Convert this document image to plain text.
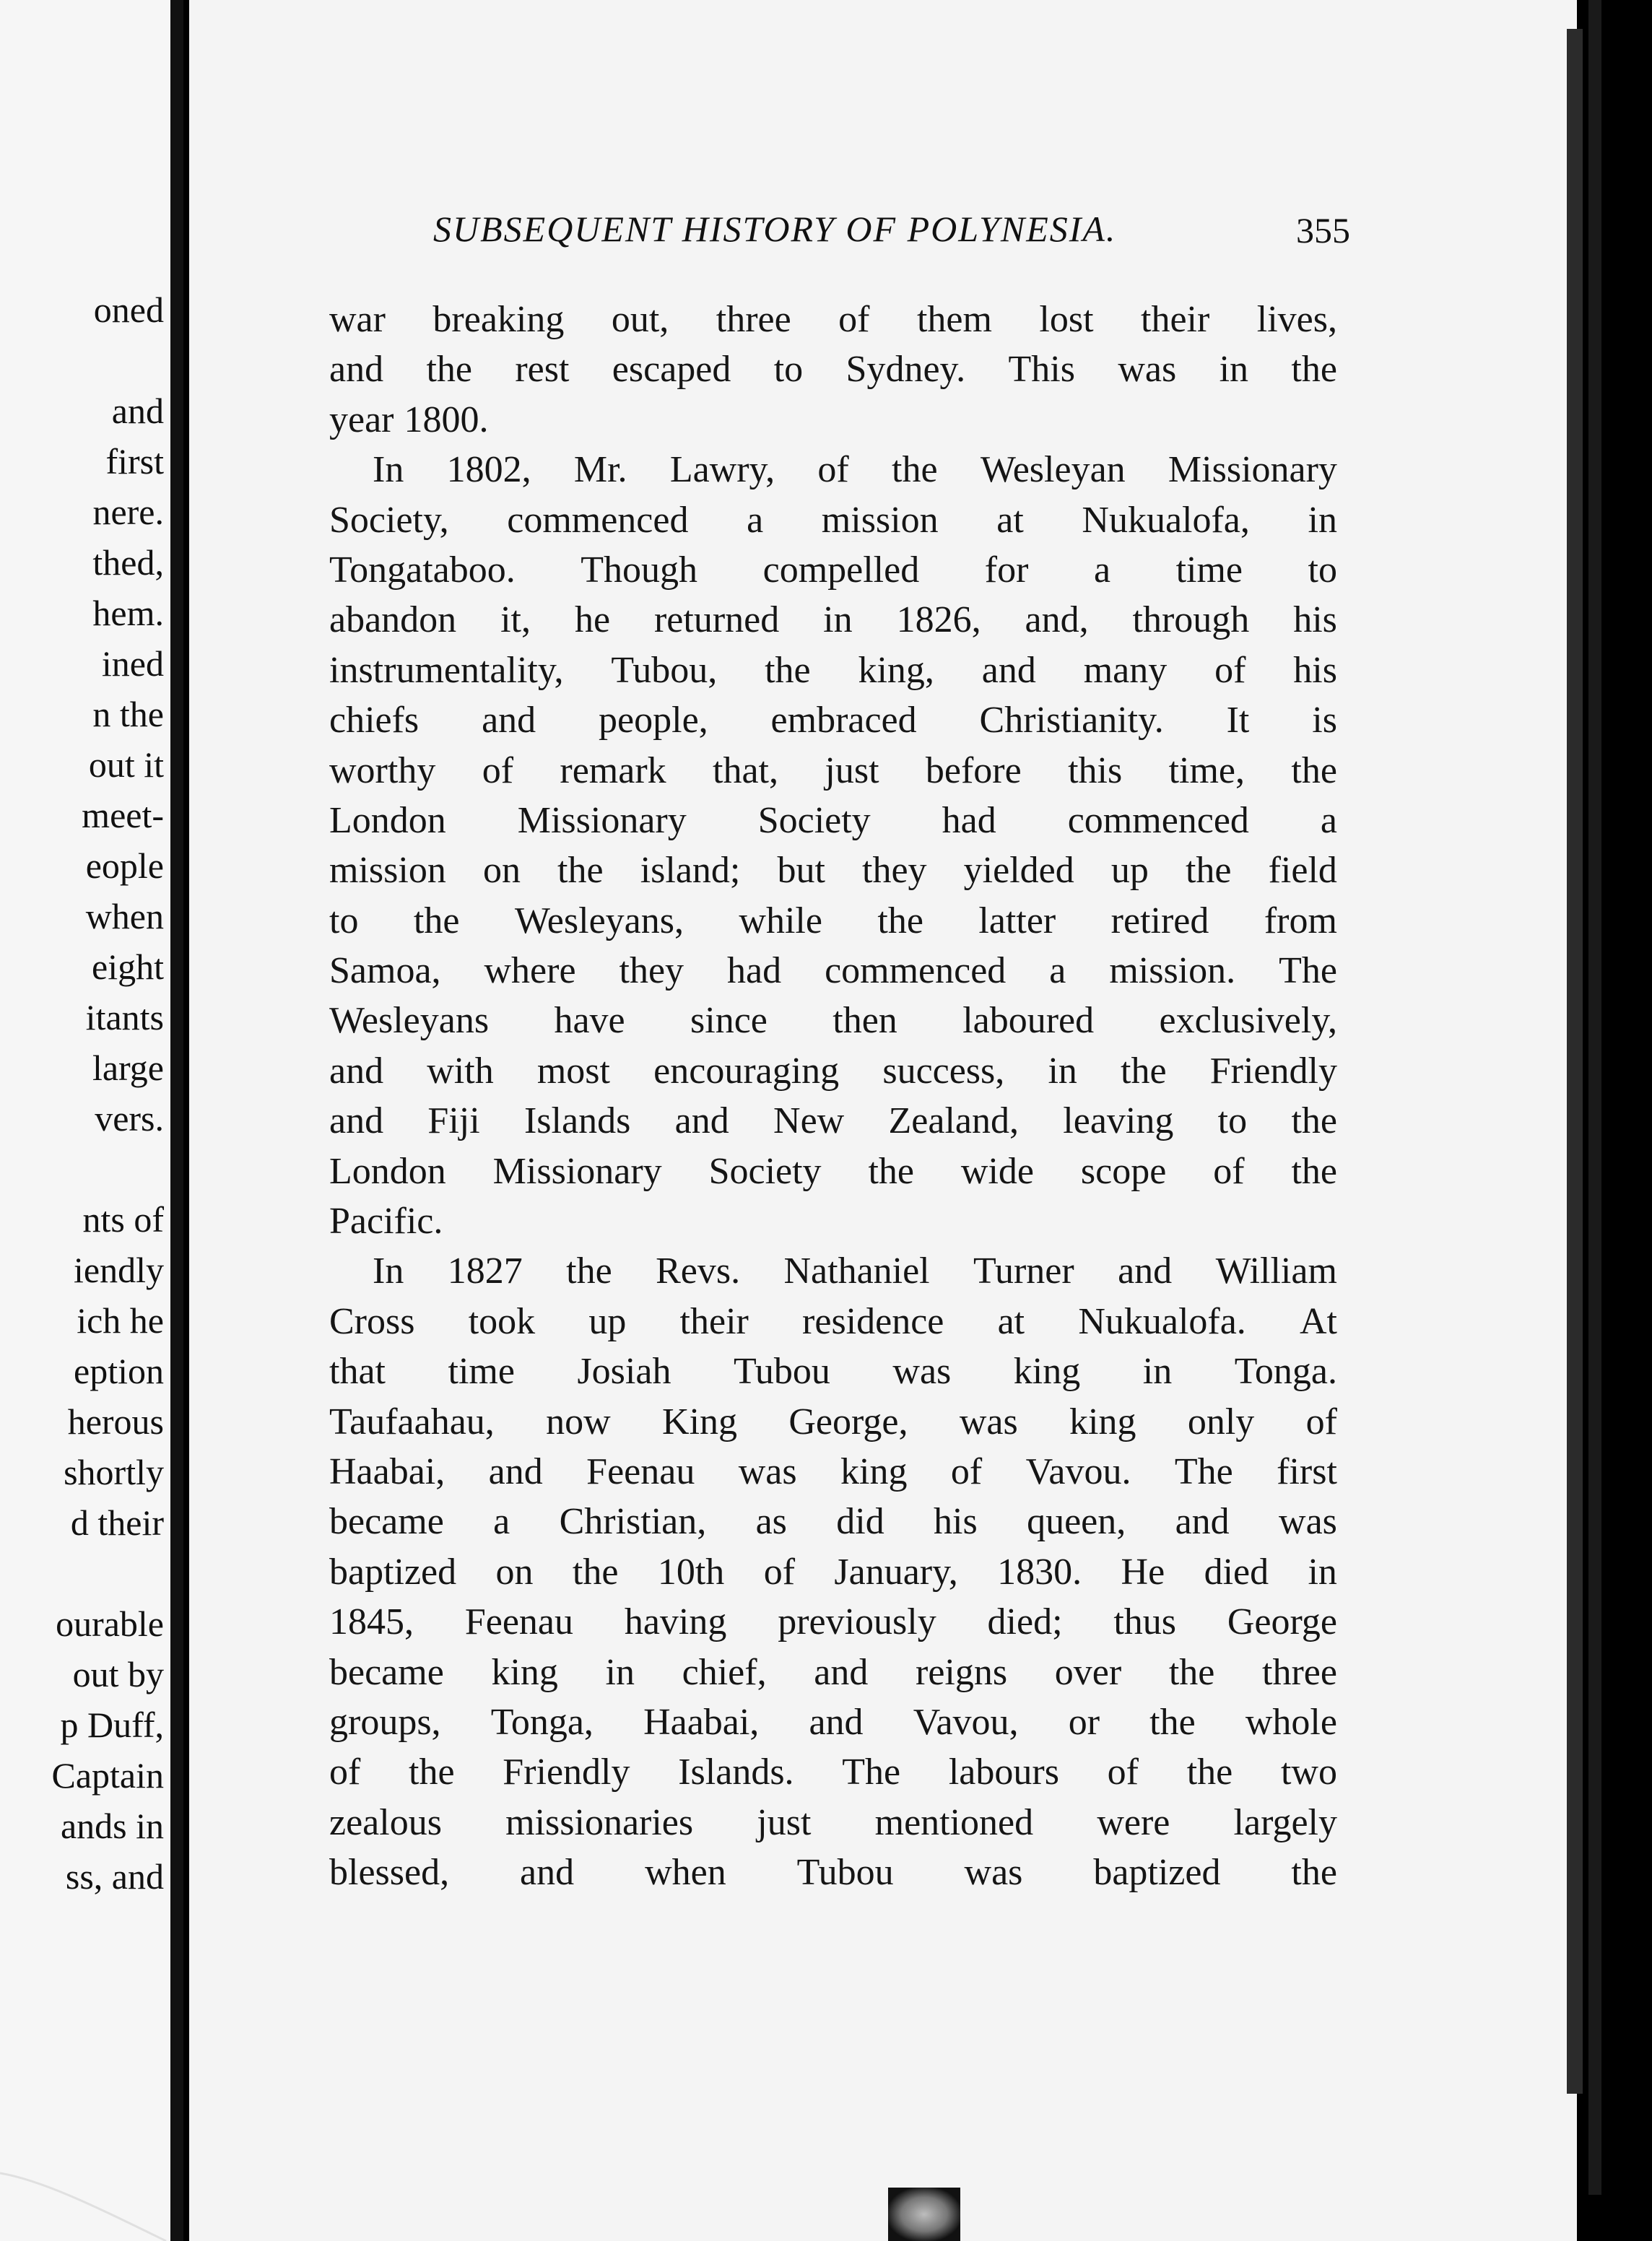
oned
and
first
nere.
thed,
hem.
ined
n the
out it
meet-
eople
when
eight
itants
large
vers.
nts of
iendly
ich he
eption
herous
shortly
d their
ourable
out by
p Duff,
Captain
ands in
ss, and
SUBSEQUENT HISTORY OF POLYNESIA.	355
war breaking out, three of them lost their lives,
and the rest escaped to Sydney. This was in the
year 1800.
In 1802, Mr. Lawry, of the Wesleyan Missionary
Society, commenced a mission at Nukualofa, in
Tongataboo. Though compelled for a time to
abandon it, he returned in 1826, and, through his
instrumentality, Tubou, the king, and many of his
chiefs and people, embraced Christianity. It is
worthy of remark that, just before this time, the
London Missionary Society had commenced a
mission on the island; but they yielded up the field
to the Wesleyans, while the latter retired from
Samoa, where they had commenced a mission. The
Wesleyans have since then laboured exclusively,
and with most encouraging success, in the Friendly
and Fiji Islands and New Zealand, leaving to the
London Missionary Society the wide scope of the
Pacific.
In 1827 the Revs. Nathaniel Turner and William
Cross took up their residence at Nukualofa. At
that time Josiah Tubou was king in Tonga.
Taufaahau, now King George, was king only of
Haabai, and Feenau was king of Vavou. The first
became a Christian, as did his queen, and was
baptized on the 10th of January, 1830. He died in
1845, Feenau having previously died; thus George
became king in chief, and reigns over the three
groups, Tonga, Haabai, and Vavou, or the whole
of the Friendly Islands. The labours of the two
zealous missionaries just mentioned were largely
blessed, and when Tubou was baptized the
